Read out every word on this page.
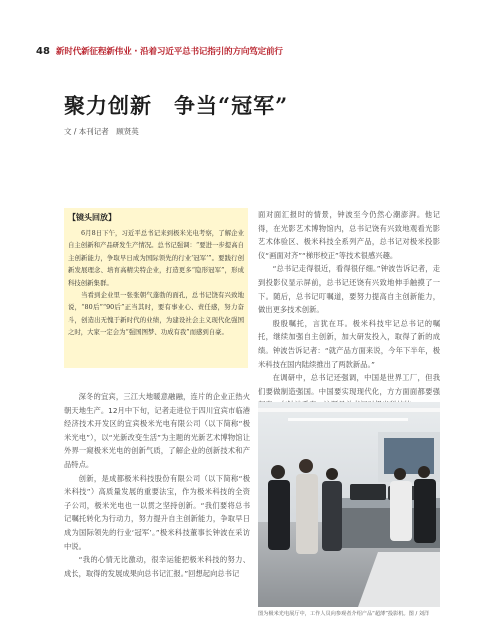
48 新时代新征程新伟业 · 沿着习近平总书记指引的方向笃定前行
聚力创新　争当“冠军”
文 / 本刊记者　顾贤英
【镜头回放】

6月8日下午，习近平总书记来到极米光电考察，了解企业自主创新和产品研发生产情况。总书记强调：“要进一步提高自主创新能力，争取早日成为国际领先的行业‘冠军’”。要践行创新发展理念、培育高精尖特企业，打造更多“隐形冠军”，形成科技创新集群。

当看到企业里一张张朝气蓬勃的面孔，总书记饶有兴致地说，“80后”“90后”正当其时，要有事业心、责任感，努力奋斗，创造出无愧于新时代的业绩，为建设社会主义现代化强国之时，大家一定会为“强国图梦、功成有我”而感到自豪。

深冬的宜宾，三江大地暖意融融，连片的企业正热火朝天地生产。12月中下旬，记者走进位于四川宜宾市临港经济技术开发区的宜宾极米光电有限公司（以下简称“极米光电”），以“光新改变生活”为主题的光新艺术博物馆让外界一窥极米光电的创新气质，了解企业的创新技术和产品特点。

创新，是成都极米科技股份有限公司（以下简称“极米科技”）高质量发展的重要法宝，作为极米科技的全资子公司，极米光电也一以贯之坚持创新。“我们要将总书记嘱托转化为行动力，努力提升自主创新能力，争取早日成为国际领先的行业‘冠军’。”极米科技董事长钟波在采访中说。

“我的心情无比激动，很幸运能把极米科技的努力、成长，取得的发展成果向总书记汇报。”回想起向总书记

面对面汇报时的情景，钟波至今仍然心潮澎湃。他记得，在光影艺术博物馆内，总书记饶有兴致地观看光影艺术体验区、极米科技全系列产品，总书记对极米投影仪“画面对齐”“梯形校正”等技术很感兴趣。

“总书记走得很近，看得很仔细。”钟波告诉记者，走到投影仪显示屏前，总书记还饶有兴致地伸手触摸了一下。随后，总书记叮嘱道，要努力提高自主创新能力，做出更多技术创新。

殷殷嘱托，言犹在耳。极米科技牢记总书记的嘱托，继续加强自主创新，加大研发投入，取得了新的成绩。钟波告诉记者：“就产品方面来说，今年下半年，极米科技在国内陆续推出了两款新品。”

在调研中，总书记还强调，中国是世界工厂，但我们要做制造强国。中国要实现现代化，方方面面都要强

图为极米光电展厅中，工作人员向参观者介绍产品“超薄”投影机。图 / 刘洋
